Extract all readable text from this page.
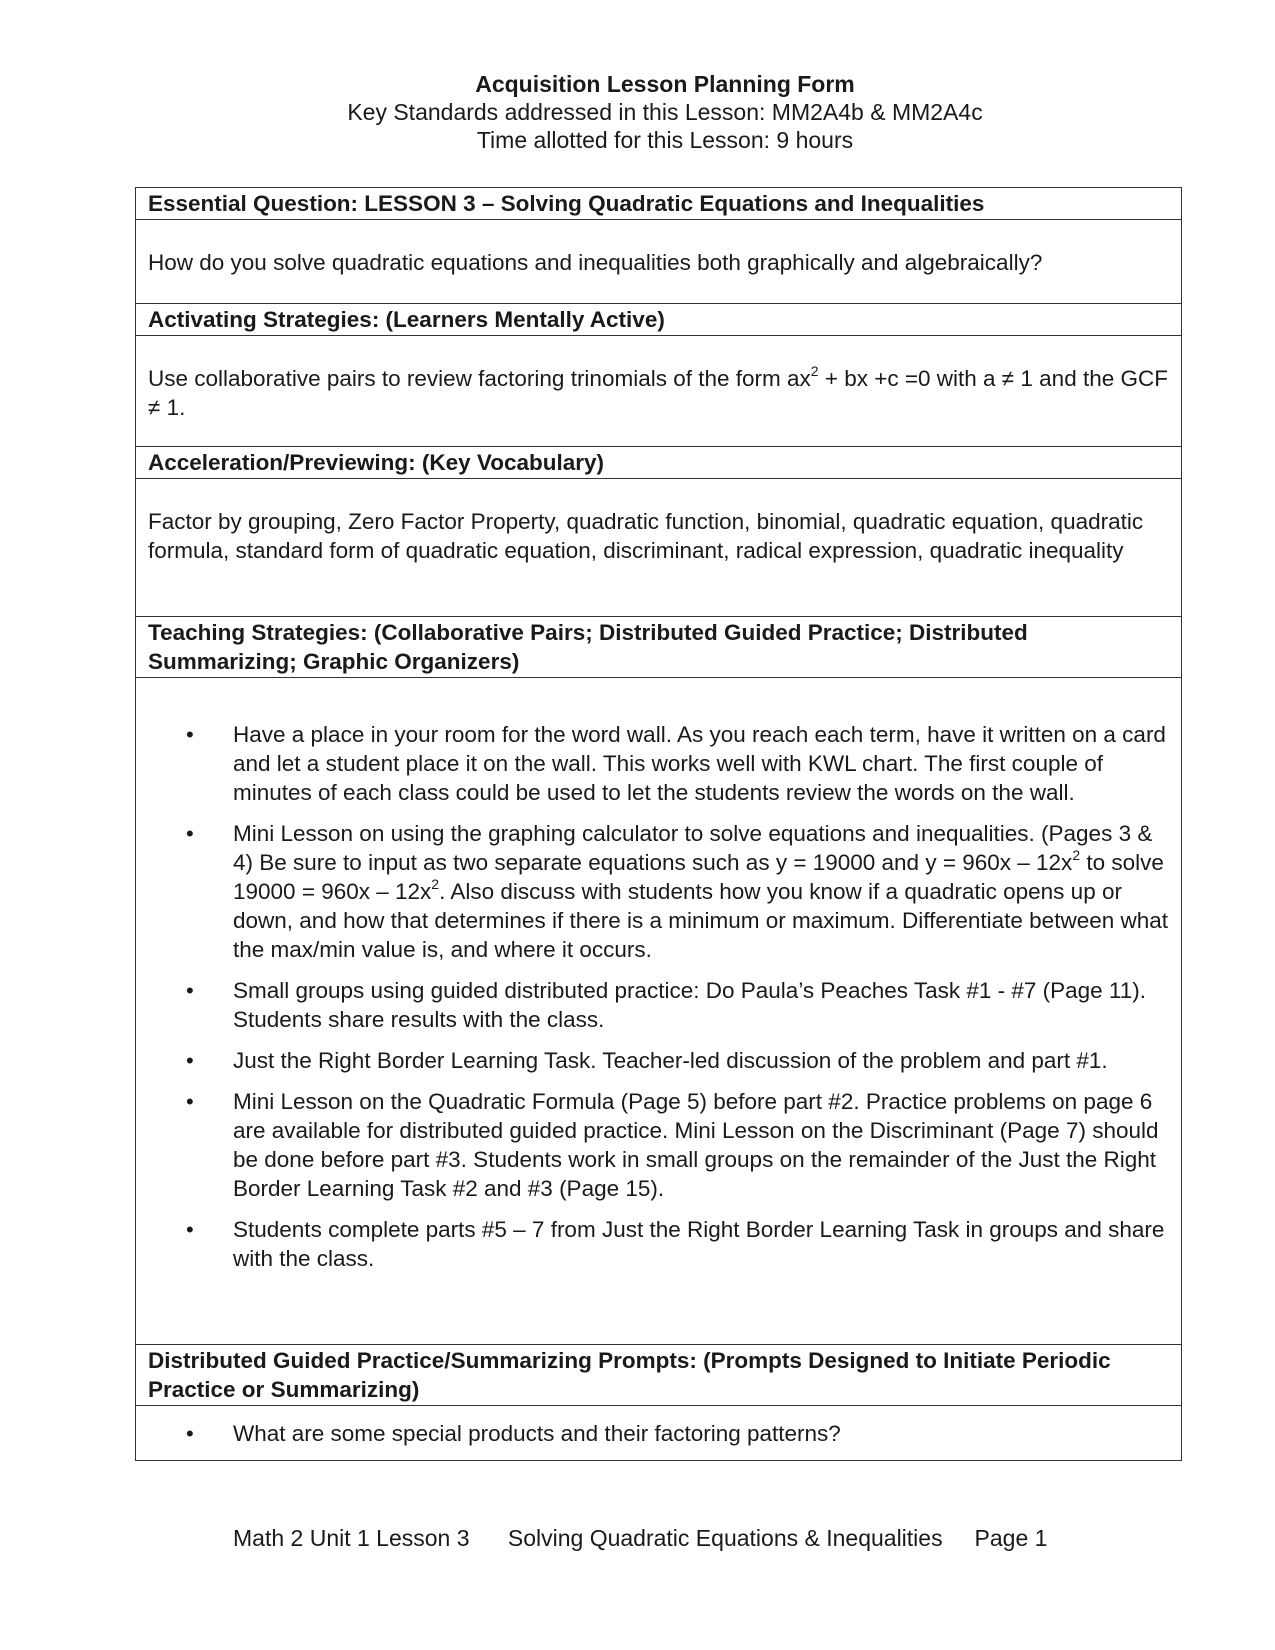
Acquisition Lesson Planning Form
Key Standards addressed in this Lesson: MM2A4b & MM2A4c
Time allotted for this Lesson: 9 hours
Essential Question: LESSON 3 – Solving Quadratic Equations and Inequalities

How do you solve quadratic equations and inequalities both graphically and algebraically?

Activating Strategies: (Learners Mentally Active)

Use collaborative pairs to review factoring trinomials of the form $ax^2$ + bx +c =0 with a ≠ 1 and the GCF ≠ 1.

Acceleration/Previewing: (Key Vocabulary)

Factor by grouping, Zero Factor Property, quadratic function, binomial, quadratic equation, quadratic formula, standard form of quadratic equation, discriminant, radical expression, quadratic inequality

Teaching Strategies: (Collaborative Pairs; Distributed Guided Practice; Distributed Summarizing; Graphic Organizers)
• Have a place in your room for the word wall. As you reach each term, have it written on a card and let a student place it on the wall. This works well with KWL chart. The first couple of minutes of each class could be used to let the students review the words on the wall.
• Mini Lesson on using the graphing calculator to solve equations and inequalities. (Pages 3 & 4) Be sure to input as two separate equations such as y = 19000 and $y = 960x - 12x^2$ to solve $19000 = 960x - 12x^2$. Also discuss with students how you know if a quadratic opens up or down, and how that determines if there is a minimum or maximum. Differentiate between what the max/min value is, and where it occurs.
• Small groups using guided distributed practice: Do Paula’s Peaches Task #1 - #7 (Page 11). Students share results with the class.
• Just the Right Border Learning Task. Teacher-led discussion of the problem and part #1.
• Mini Lesson on the Quadratic Formula (Page 5) before part #2. Practice problems on page 6 are available for distributed guided practice. Mini Lesson on the Discriminant (Page 7) should be done before part #3. Students work in small groups on the remainder of the Just the Right Border Learning Task #2 and #3 (Page 15).
• Students complete parts #5 – 7 from Just the Right Border Learning Task in groups and share with the class.
Distributed Guided Practice/Summarizing Prompts: (Prompts Designed to Initiate Periodic Practice or Summarizing)
• What are some special products and their factoring patterns?
Math 2 Unit 1 Lesson 3 Solving Quadratic Equations & Inequalities Page 1
